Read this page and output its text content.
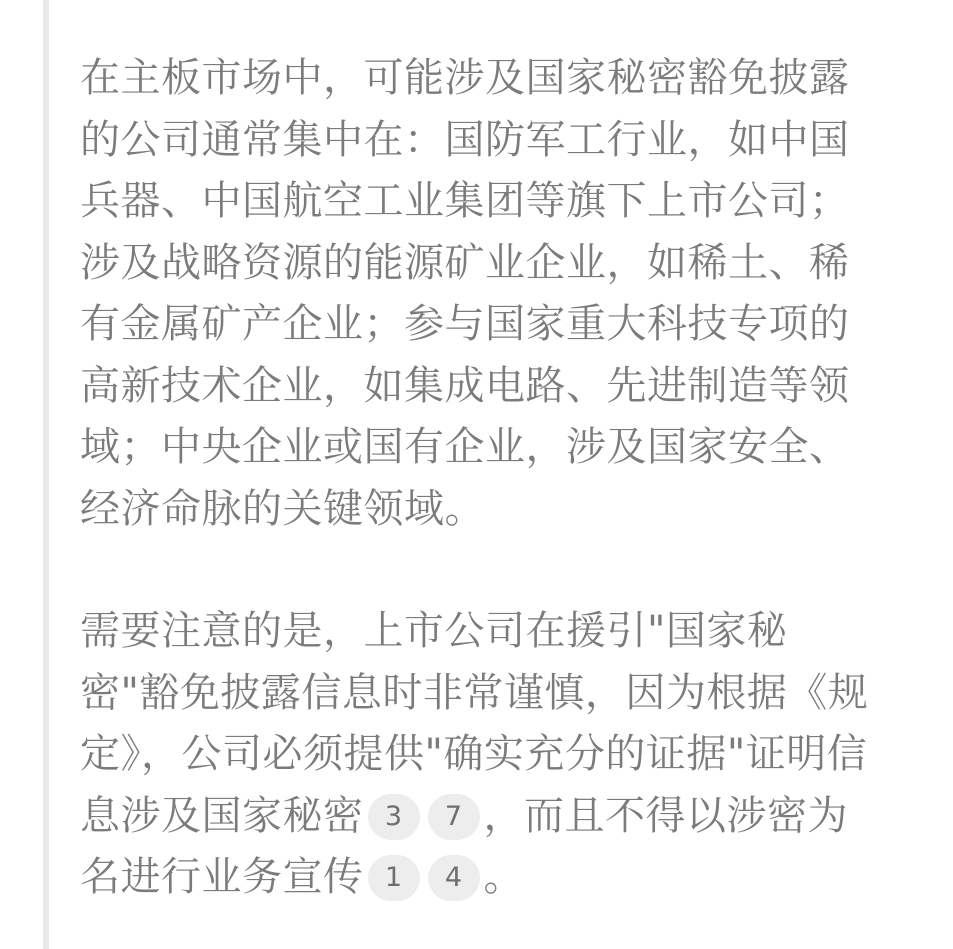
在主板市场中，可能涉及国家秘密豁免披露的公司通常集中在：国防军工行业，如中国兵器、中国航空工业集团等旗下上市公司；涉及战略资源的能源矿业企业，如稀土、稀有金属矿产企业；参与国家重大科技专项的高新技术企业，如集成电路、先进制造等领域；中央企业或国有企业，涉及国家安全、经济命脉的关键领域。

需要注意的是，上市公司在援引"国家秘密"豁免披露信息时非常谨慎，因为根据《规定》，公司必须提供"确实充分的证据"证明信息涉及国家秘密 3 7 ，而且不得以涉密为名进行业务宣传 1 4 。
